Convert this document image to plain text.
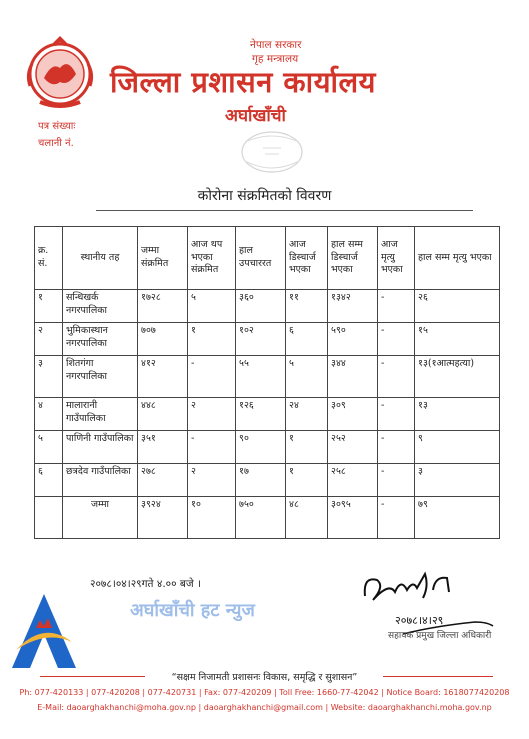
नेपाल सरकार
गृह मन्त्रालय
जिल्ला प्रशासन कार्यालय
अर्घाखाँची
पत्र संख्याः
चलानी नं.
कोरोना संक्रमितको विवरण
क्र. सं.	स्थानीय तह	जम्मा संक्रमित	आज थप भएका संक्रमित	हाल उपचाररत	आज डिस्चार्ज भएका	हाल सम्म डिस्चार्ज भएका	आज मृत्यु भएका	हाल सम्म मृत्यु भएका
१	सन्धिखर्क नगरपालिका	१७२८	५	३६०	११	१३४२	-	२६
२	भुमिकास्थान नगरपालिका	७०७	१	१०२	६	५९०	-	१५
३	शितगंगा नगरपालिका	४१२	-	५५	५	३४४	-	१३(१आत्महत्या)
४	मालारानी गाउँपालिका	४४८	२	१२६	२४	३०९	-	१३
५	पाणिनी गाउँपालिका	३५१	-	९०	१	२५२	-	९
६	छत्रदेव गाउँपालिका	२७८	२	१७	१	२५८	-	३
	जम्मा	३९२४	१०	७५०	४८	३०९५	-	७९
२०७८।०४।२९गते ४.०० बजे ।
२०७८।४।२९
सहायक प्रमुख जिल्ला अधिकारी
अर्घाखाँची हट न्युज
“सक्षम निजामती प्रशासनः विकास, समृद्धि र सुशासन”
Ph: 077-420133 | 077-420208 | 077-420731 | Fax: 077-420209 | Toll Free: 1660-77-42042 | Notice Board: 1618077420208
E-Mail: daoarghakhanchi@moha.gov.np | daoarghakhanchi@gmail.com | Website: daoarghakhanchi.moha.gov.np
